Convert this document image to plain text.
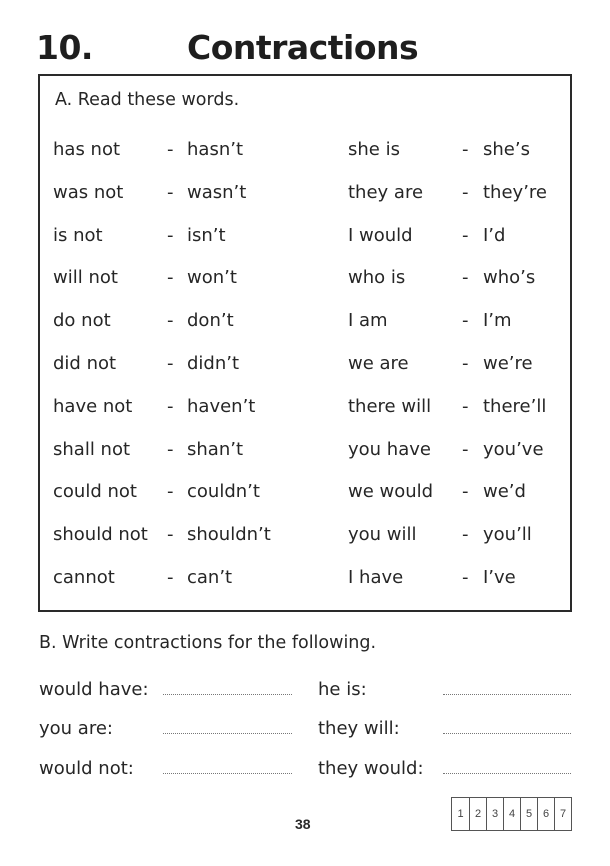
10.	Contractions
A. Read these words.
has not	- hasn’t
was not - wasn’t
is not	- isn’t
will not	- won’t
do not	- don’t
did not	- didn’t
have not - haven’t
shall not - shan’t
could not - couldn’t
should not - shouldn’t
cannot	- can’t
she is	- she’s
they are - they’re
I would	- I’d
who is	- who’s
I am	- I’m
we are	- we’re
there will - there’ll
you have - you’ve
we would - we’d
you will	- you’ll
I have	- I’ve
B. Write contractions for the following.
would have:
you are:
would not:
he is:
they will:
they would:
38
1	2 3 4 5 6 7
